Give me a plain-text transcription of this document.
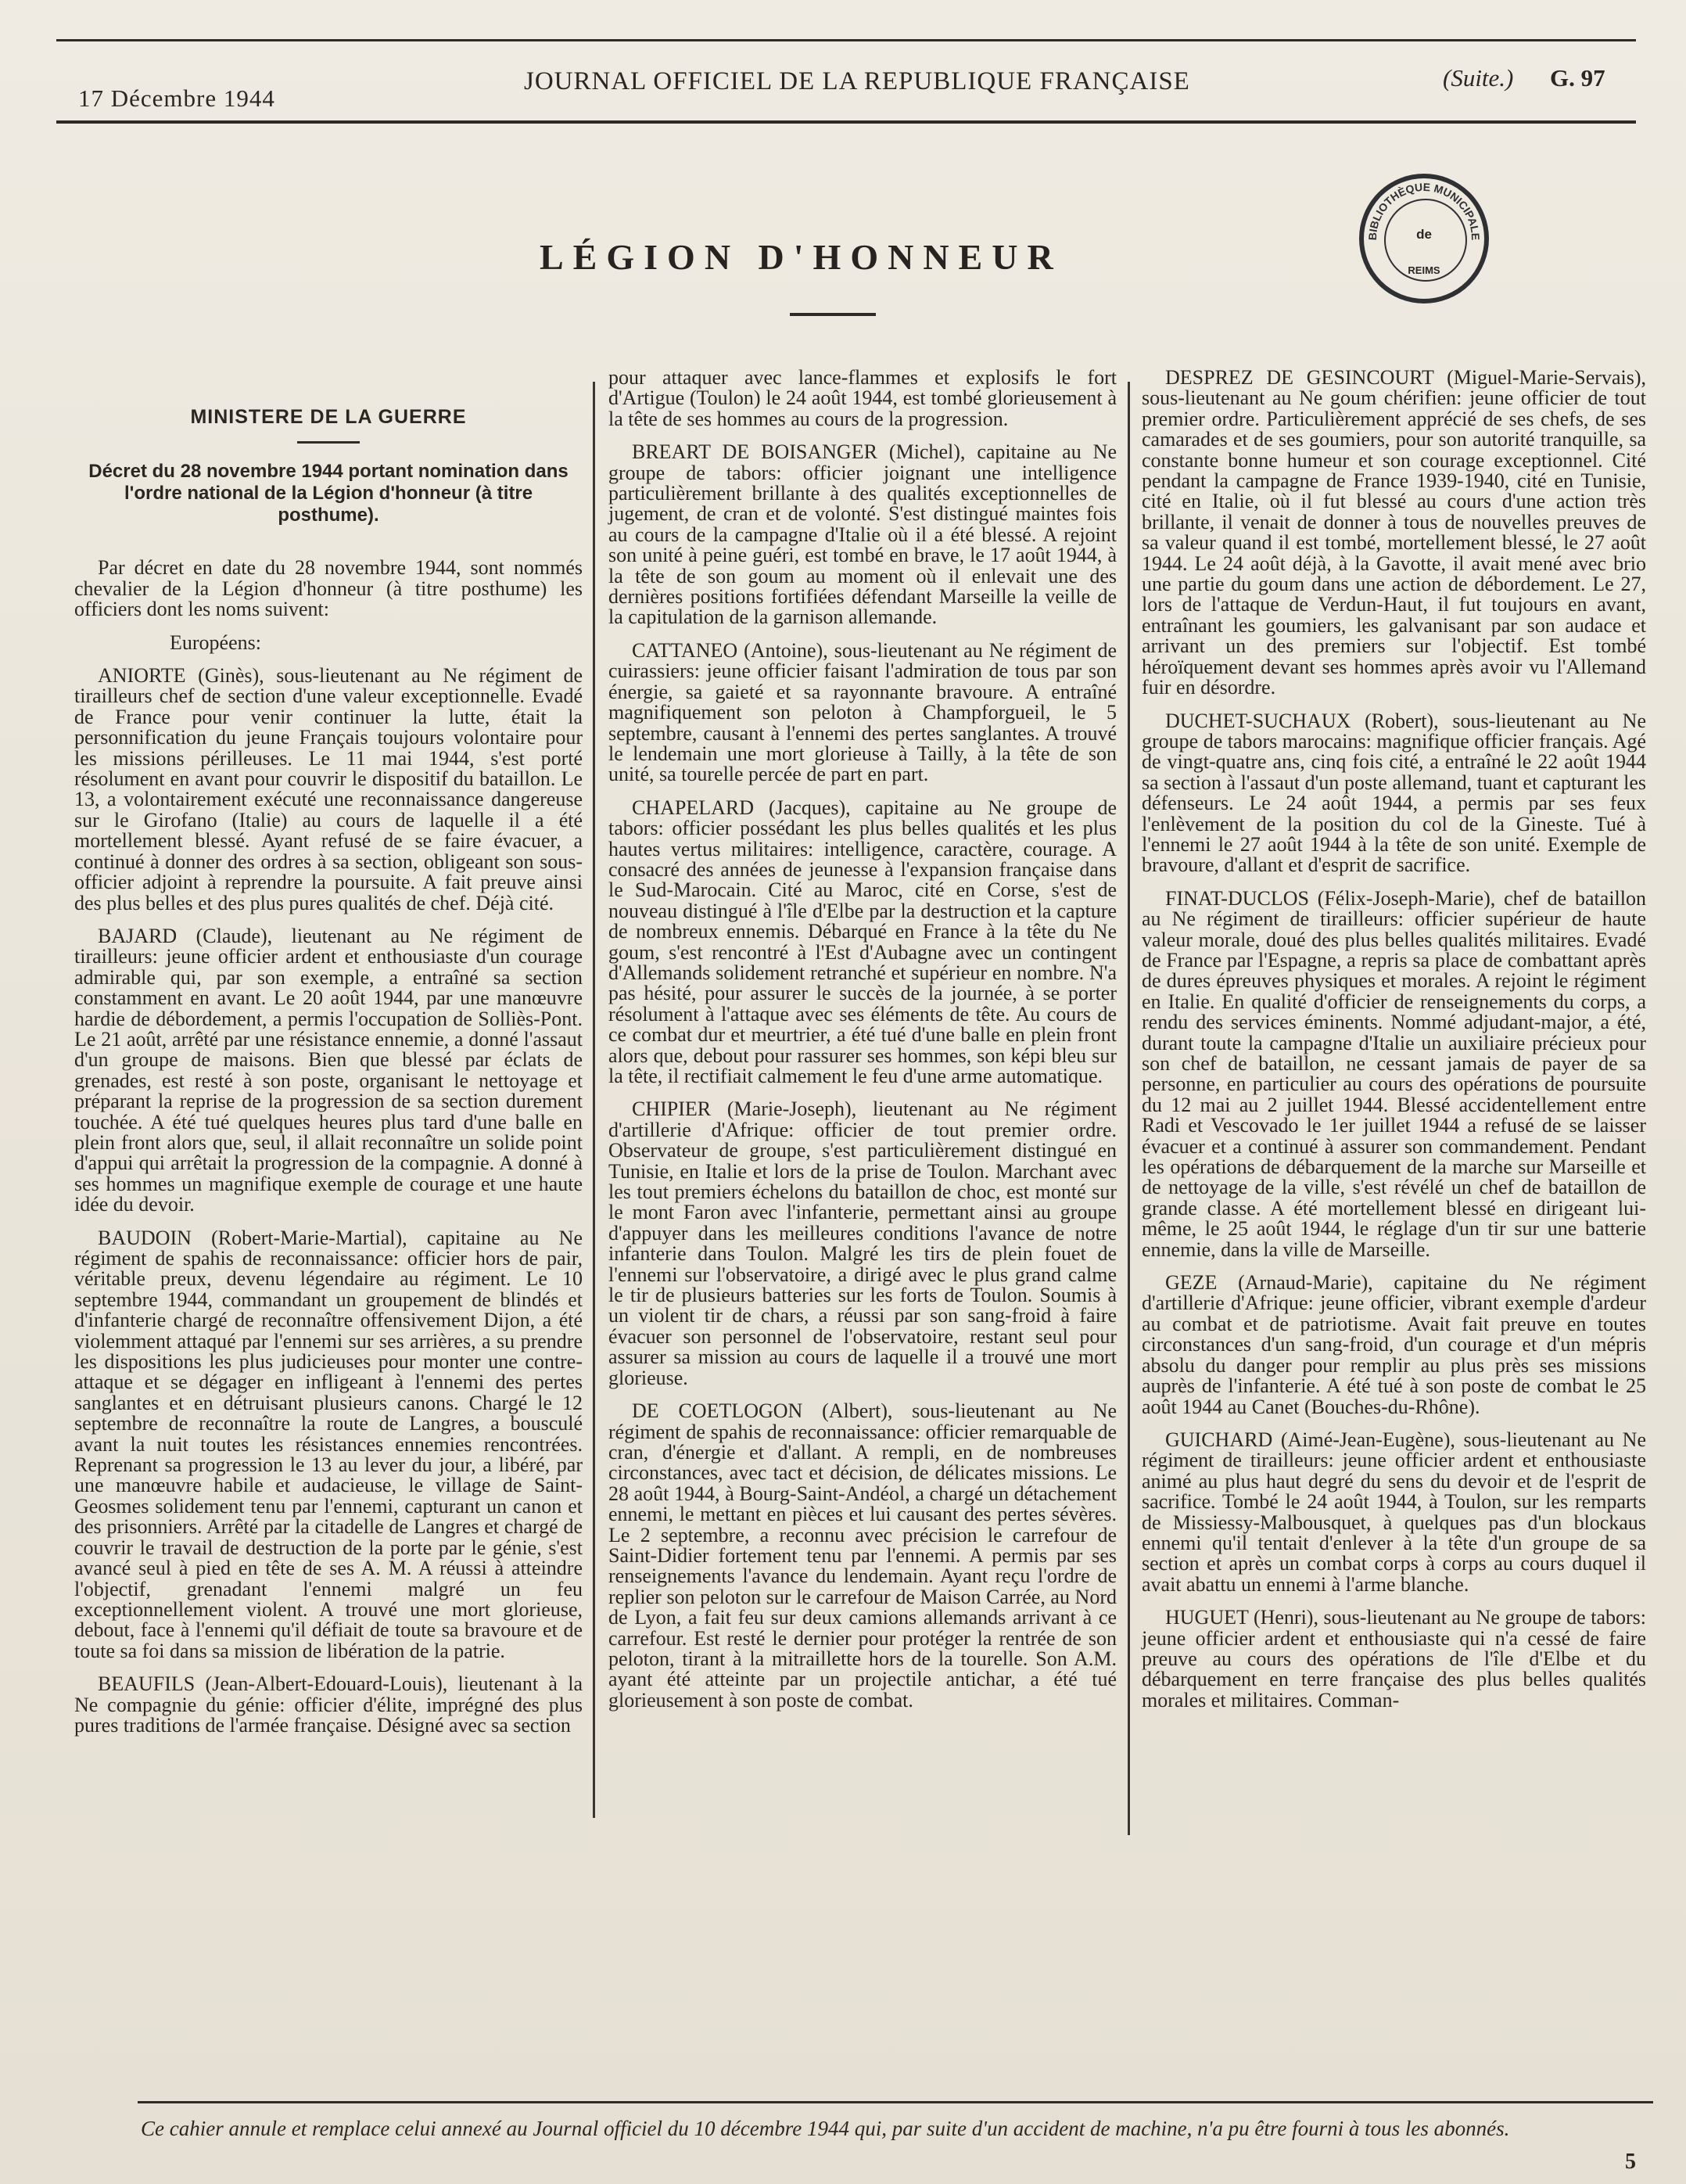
17 Décembre 1944
JOURNAL OFFICIEL DE LA REPUBLIQUE FRANÇAISE	(Suite.) G. 97
BIBLIOTHÈQUE MUNICIPALE
de
REIMS
LÉGION D'HONNEUR
MINISTERE DE LA GUERRE
Décret du 28 novembre 1944 portant nomination dans l'ordre national de la Légion d'honneur (à titre posthume).

Par décret en date du 28 novembre 1944, sont nommés chevalier de la Légion d'honneur (à titre posthume) les officiers dont les noms suivent:

Européens:

ANIORTE (Ginès), sous-lieutenant au Ne régiment de tirailleurs chef de section d'une valeur exceptionnelle. Evadé de France pour venir continuer la lutte, était la personnification du jeune Français toujours volontaire pour les missions périlleuses. Le 11 mai 1944, s'est porté résolument en avant pour couvrir le dispositif du bataillon. Le 13, a volontairement exécuté une reconnaissance dangereuse sur le Girofano (Italie) au cours de laquelle il a été mortellement blessé. Ayant refusé de se faire évacuer, a continué à donner des ordres à sa section, obligeant son sous-officier adjoint à reprendre la poursuite. A fait preuve ainsi des plus belles et des plus pures qualités de chef. Déjà cité.

BAJARD (Claude), lieutenant au Ne régiment de tirailleurs: jeune officier ardent et enthousiaste d'un courage admirable qui, par son exemple, a entraîné sa section constamment en avant. Le 20 août 1944, par une manœuvre hardie de débordement, a permis l'occupation de Solliès-Pont. Le 21 août, arrêté par une résistance ennemie, a donné l'assaut d'un groupe de maisons. Bien que blessé par éclats de grenades, est resté à son poste, organisant le nettoyage et préparant la reprise de la progression de sa section durement touchée. A été tué quelques heures plus tard d'une balle en plein front alors que, seul, il allait reconnaître un solide point d'appui qui arrêtait la progression de la compagnie. A donné à ses hommes un magnifique exemple de courage et une haute idée du devoir.

BAUDOIN (Robert-Marie-Martial), capitaine au Ne régiment de spahis de reconnaissance: officier hors de pair, véritable preux, devenu légendaire au régiment. Le 10 septembre 1944, commandant un groupement de blindés et d'infanterie chargé de reconnaître offensivement Dijon, a été violemment attaqué par l'ennemi sur ses arrières, a su prendre les dispositions les plus judicieuses pour monter une contre-attaque et se dégager en infligeant à l'ennemi des pertes sanglantes et en détruisant plusieurs canons. Chargé le 12 septembre de reconnaître la route de Langres, a bousculé avant la nuit toutes les résistances ennemies rencontrées. Reprenant sa progression le 13 au lever du jour, a libéré, par une manœuvre habile et audacieuse, le village de Saint-Geosmes solidement tenu par l'ennemi, capturant un canon et des prisonniers. Arrêté par la citadelle de Langres et chargé de couvrir le travail de destruction de la porte par le génie, s'est avancé seul à pied en tête de ses A. M. A réussi à atteindre l'objectif, grenadant l'ennemi malgré un feu exceptionnellement violent. A trouvé une mort glorieuse, debout, face à l'ennemi qu'il défiait de toute sa bravoure et de toute sa foi dans sa mission de libération de la patrie.

BEAUFILS (Jean-Albert-Edouard-Louis), lieutenant à la Ne compagnie du génie: officier d'élite, imprégné des plus pures traditions de l'armée française. Désigné avec sa section

pour attaquer avec lance-flammes et explosifs le fort d'Artigue (Toulon) le 24 août 1944, est tombé glorieusement à la tête de ses hommes au cours de la progression.

BREART DE BOISANGER (Michel), capitaine au Ne groupe de tabors: officier joignant une intelligence particulièrement brillante à des qualités exceptionnelles de jugement, de cran et de volonté. S'est distingué maintes fois au cours de la campagne d'Italie où il a été blessé. A rejoint son unité à peine guéri, est tombé en brave, le 17 août 1944, à la tête de son goum au moment où il enlevait une des dernières positions fortifiées défendant Marseille la veille de la capitulation de la garnison allemande.

CATTANEO (Antoine), sous-lieutenant au Ne régiment de cuirassiers: jeune officier faisant l'admiration de tous par son énergie, sa gaieté et sa rayonnante bravoure. A entraîné magnifiquement son peloton à Champforgueil, le 5 septembre, causant à l'ennemi des pertes sanglantes. A trouvé le lendemain une mort glorieuse à Tailly, à la tête de son unité, sa tourelle percée de part en part.

CHAPELARD (Jacques), capitaine au Ne groupe de tabors: officier possédant les plus belles qualités et les plus hautes vertus militaires: intelligence, caractère, courage. A consacré des années de jeunesse à l'expansion française dans le Sud-Marocain. Cité au Maroc, cité en Corse, s'est de nouveau distingué à l'île d'Elbe par la destruction et la capture de nombreux ennemis. Débarqué en France à la tête du Ne goum, s'est rencontré à l'Est d'Aubagne avec un contingent d'Allemands solidement retranché et supérieur en nombre. N'a pas hésité, pour assurer le succès de la journée, à se porter résolument à l'attaque avec ses éléments de tête. Au cours de ce combat dur et meurtrier, a été tué d'une balle en plein front alors que, debout pour rassurer ses hommes, son képi bleu sur la tête, il rectifiait calmement le feu d'une arme automatique.

CHIPIER (Marie-Joseph), lieutenant au Ne régiment d'artillerie d'Afrique: officier de tout premier ordre. Observateur de groupe, s'est particulièrement distingué en Tunisie, en Italie et lors de la prise de Toulon. Marchant avec les tout premiers échelons du bataillon de choc, est monté sur le mont Faron avec l'infanterie, permettant ainsi au groupe d'appuyer dans les meilleures conditions l'avance de notre infanterie dans Toulon. Malgré les tirs de plein fouet de l'ennemi sur l'observatoire, a dirigé avec le plus grand calme le tir de plusieurs batteries sur les forts de Toulon. Soumis à un violent tir de chars, a réussi par son sang-froid à faire évacuer son personnel de l'observatoire, restant seul pour assurer sa mission au cours de laquelle il a trouvé une mort glorieuse.

DE COETLOGON (Albert), sous-lieutenant au Ne régiment de spahis de reconnaissance: officier remarquable de cran, d'énergie et d'allant. A rempli, en de nombreuses circonstances, avec tact et décision, de délicates missions. Le 28 août 1944, à Bourg-Saint-Andéol, a chargé un détachement ennemi, le mettant en pièces et lui causant des pertes sévères. Le 2 septembre, a reconnu avec précision le carrefour de Saint-Didier fortement tenu par l'ennemi. A permis par ses renseignements l'avance du lendemain. Ayant reçu l'ordre de replier son peloton sur le carrefour de Maison Carrée, au Nord de Lyon, a fait feu sur deux camions allemands arrivant à ce carrefour. Est resté le dernier pour protéger la rentrée de son peloton, tirant à la mitraillette hors de la tourelle. Son A.M. ayant été atteinte par un projectile antichar, a été tué glorieusement à son poste de combat.

DESPREZ DE GESINCOURT (Miguel-Marie-Servais), sous-lieutenant au Ne goum chérifien: jeune officier de tout premier ordre. Particulièrement apprécié de ses chefs, de ses camarades et de ses goumiers, pour son autorité tranquille, sa constante bonne humeur et son courage exceptionnel. Cité pendant la campagne de France 1939-1940, cité en Tunisie, cité en Italie, où il fut blessé au cours d'une action très brillante, il venait de donner à tous de nouvelles preuves de sa valeur quand il est tombé, mortellement blessé, le 27 août 1944. Le 24 août déjà, à la Gavotte, il avait mené avec brio une partie du goum dans une action de débordement. Le 27, lors de l'attaque de Verdun-Haut, il fut toujours en avant, entraînant les goumiers, les galvanisant par son audace et arrivant un des premiers sur l'objectif. Est tombé héroïquement devant ses hommes après avoir vu l'Allemand fuir en désordre.

DUCHET-SUCHAUX (Robert), sous-lieutenant au Ne groupe de tabors marocains: magnifique officier français. Agé de vingt-quatre ans, cinq fois cité, a entraîné le 22 août 1944 sa section à l'assaut d'un poste allemand, tuant et capturant les défenseurs. Le 24 août 1944, a permis par ses feux l'enlèvement de la position du col de la Gineste. Tué à l'ennemi le 27 août 1944 à la tête de son unité. Exemple de bravoure, d'allant et d'esprit de sacrifice.

FINAT-DUCLOS (Félix-Joseph-Marie), chef de bataillon au Ne régiment de tirailleurs: officier supérieur de haute valeur morale, doué des plus belles qualités militaires. Evadé de France par l'Espagne, a repris sa place de combattant après de dures épreuves physiques et morales. A rejoint le régiment en Italie. En qualité d'officier de renseignements du corps, a rendu des services éminents. Nommé adjudant-major, a été, durant toute la campagne d'Italie un auxiliaire précieux pour son chef de bataillon, ne cessant jamais de payer de sa personne, en particulier au cours des opérations de poursuite du 12 mai au 2 juillet 1944. Blessé accidentellement entre Radi et Vescovado le 1er juillet 1944 a refusé de se laisser évacuer et a continué à assurer son commandement. Pendant les opérations de débarquement de la marche sur Marseille et de nettoyage de la ville, s'est révélé un chef de bataillon de grande classe. A été mortellement blessé en dirigeant lui-même, le 25 août 1944, le réglage d'un tir sur une batterie ennemie, dans la ville de Marseille.

GEZE (Arnaud-Marie), capitaine du Ne régiment d'artillerie d'Afrique: jeune officier, vibrant exemple d'ardeur au combat et de patriotisme. Avait fait preuve en toutes circonstances d'un sang-froid, d'un courage et d'un mépris absolu du danger pour remplir au plus près ses missions auprès de l'infanterie. A été tué à son poste de combat le 25 août 1944 au Canet (Bouches-du-Rhône).

GUICHARD (Aimé-Jean-Eugène), sous-lieutenant au Ne régiment de tirailleurs: jeune officier ardent et enthousiaste animé au plus haut degré du sens du devoir et de l'esprit de sacrifice. Tombé le 24 août 1944, à Toulon, sur les remparts de Missiessy-Malbousquet, à quelques pas d'un blockaus ennemi qu'il tentait d'enlever à la tête d'un groupe de sa section et après un combat corps à corps au cours duquel il avait abattu un ennemi à l'arme blanche.

HUGUET (Henri), sous-lieutenant au Ne groupe de tabors: jeune officier ardent et enthousiaste qui n'a cessé de faire preuve au cours des opérations de l'île d'Elbe et du débarquement en terre française des plus belles qualités morales et militaires. Comman-

Ce cahier annule et remplace celui annexé au Journal officiel du 10 décembre 1944 qui, par suite d'un accident de machine, n'a pu être fourni à tous les abonnés.
5
